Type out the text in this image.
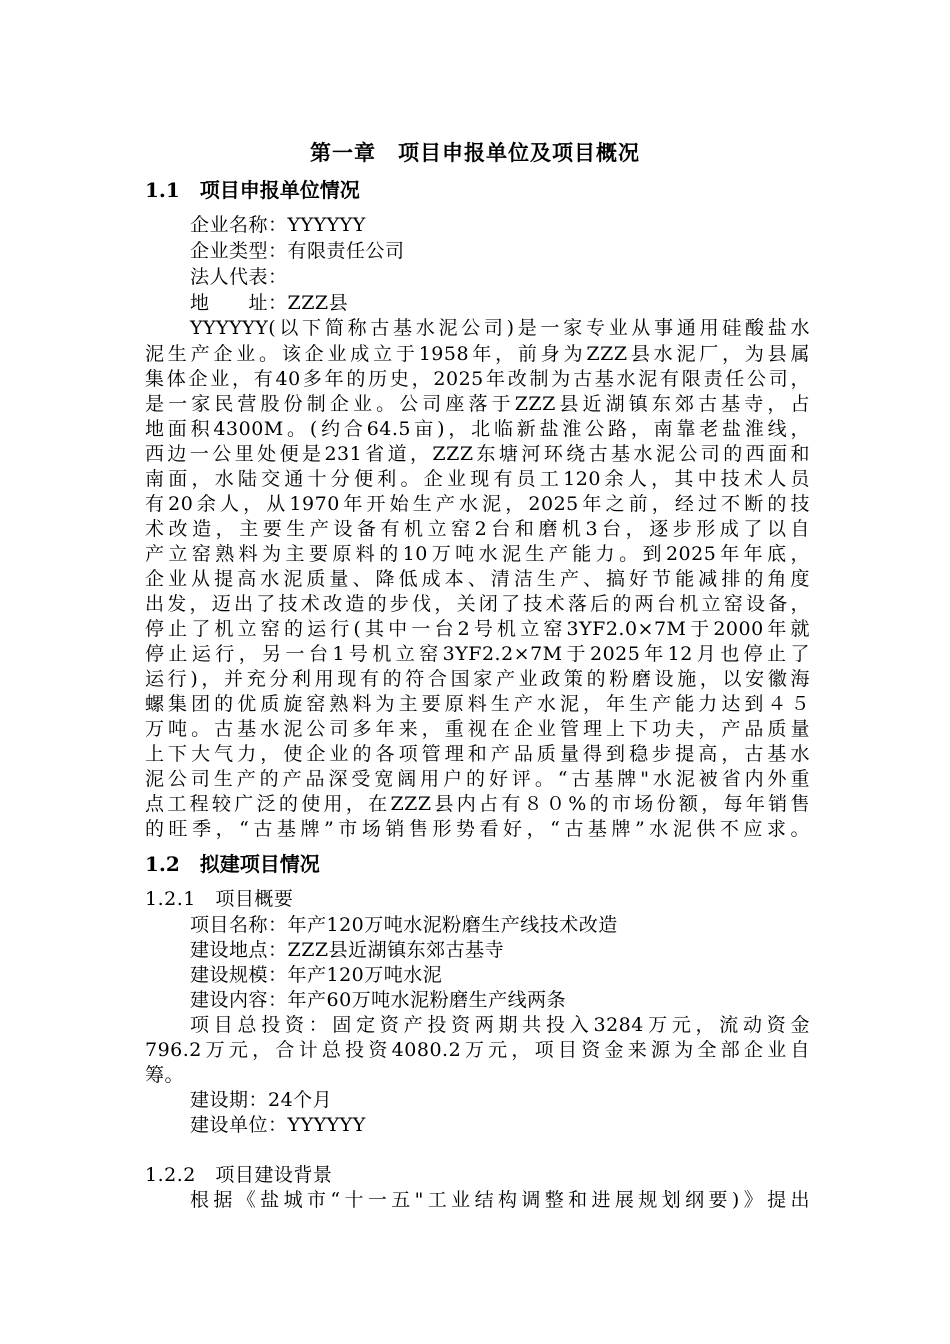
第一章　项目申报单位及项目概况
1.1　项目申报单位情况
企业名称：YYYYYY
企业类型：有限责任公司
法人代表：
地　　址：ZZZ县
YYYYYY(以下简称古基水泥公司)是一家专业从事通用硅酸盐水
泥生产企业。该企业成立于1958年，前身为ZZZ县水泥厂，为县属
集体企业，有40多年的历史，2025年改制为古基水泥有限责任公司，
是一家民营股份制企业。公司座落于ZZZ县近湖镇东郊古基寺，占
地面积4300M。(约合64.5亩)，北临新盐淮公路，南靠老盐淮线，
西边一公里处便是231省道，ZZZ东塘河环绕古基水泥公司的西面和
南面，水陆交通十分便利。企业现有员工120余人，其中技术人员
有20余人，从1970年开始生产水泥，2025年之前，经过不断的技
术改造，主要生产设备有机立窑2台和磨机3台，逐步形成了以自
产立窑熟料为主要原料的10万吨水泥生产能力。到2025年年底，
企业从提高水泥质量、降低成本、清洁生产、搞好节能减排的角度
出发，迈出了技术改造的步伐，关闭了技术落后的两台机立窑设备，
停止了机立窑的运行(其中一台2号机立窑3YF2.0×7M于2000年就
停止运行，另一台1号机立窑3YF2.2×7M于2025年12月也停止了
运行)，并充分利用现有的符合国家产业政策的粉磨设施，以安徽海
螺集团的优质旋窑熟料为主要原料生产水泥，年生产能力达到４５
万吨。古基水泥公司多年来，重视在企业管理上下功夫，产品质量
上下大气力，使企业的各项管理和产品质量得到稳步提高，古基水
泥公司生产的产品深受宽阔用户的好评。“古基牌"水泥被省内外重
点工程较广泛的使用，在ZZZ县内占有８０%的市场份额，每年销售
的旺季，“古基牌”市场销售形势看好，“古基牌”水泥供不应求。
1.2　拟建项目情况
1.2.1　项目概要
项目名称：年产120万吨水泥粉磨生产线技术改造
建设地点：ZZZ县近湖镇东郊古基寺
建设规模：年产120万吨水泥
建设内容：年产60万吨水泥粉磨生产线两条
项目总投资：固定资产投资两期共投入3284万元，流动资金
796.2万元，合计总投资4080.2万元，项目资金来源为全部企业自
筹。
建设期：24个月
建设单位：YYYYYY
1.2.2　项目建设背景
根据《盐城市“十一五"工业结构调整和进展规划纲要)》提出
